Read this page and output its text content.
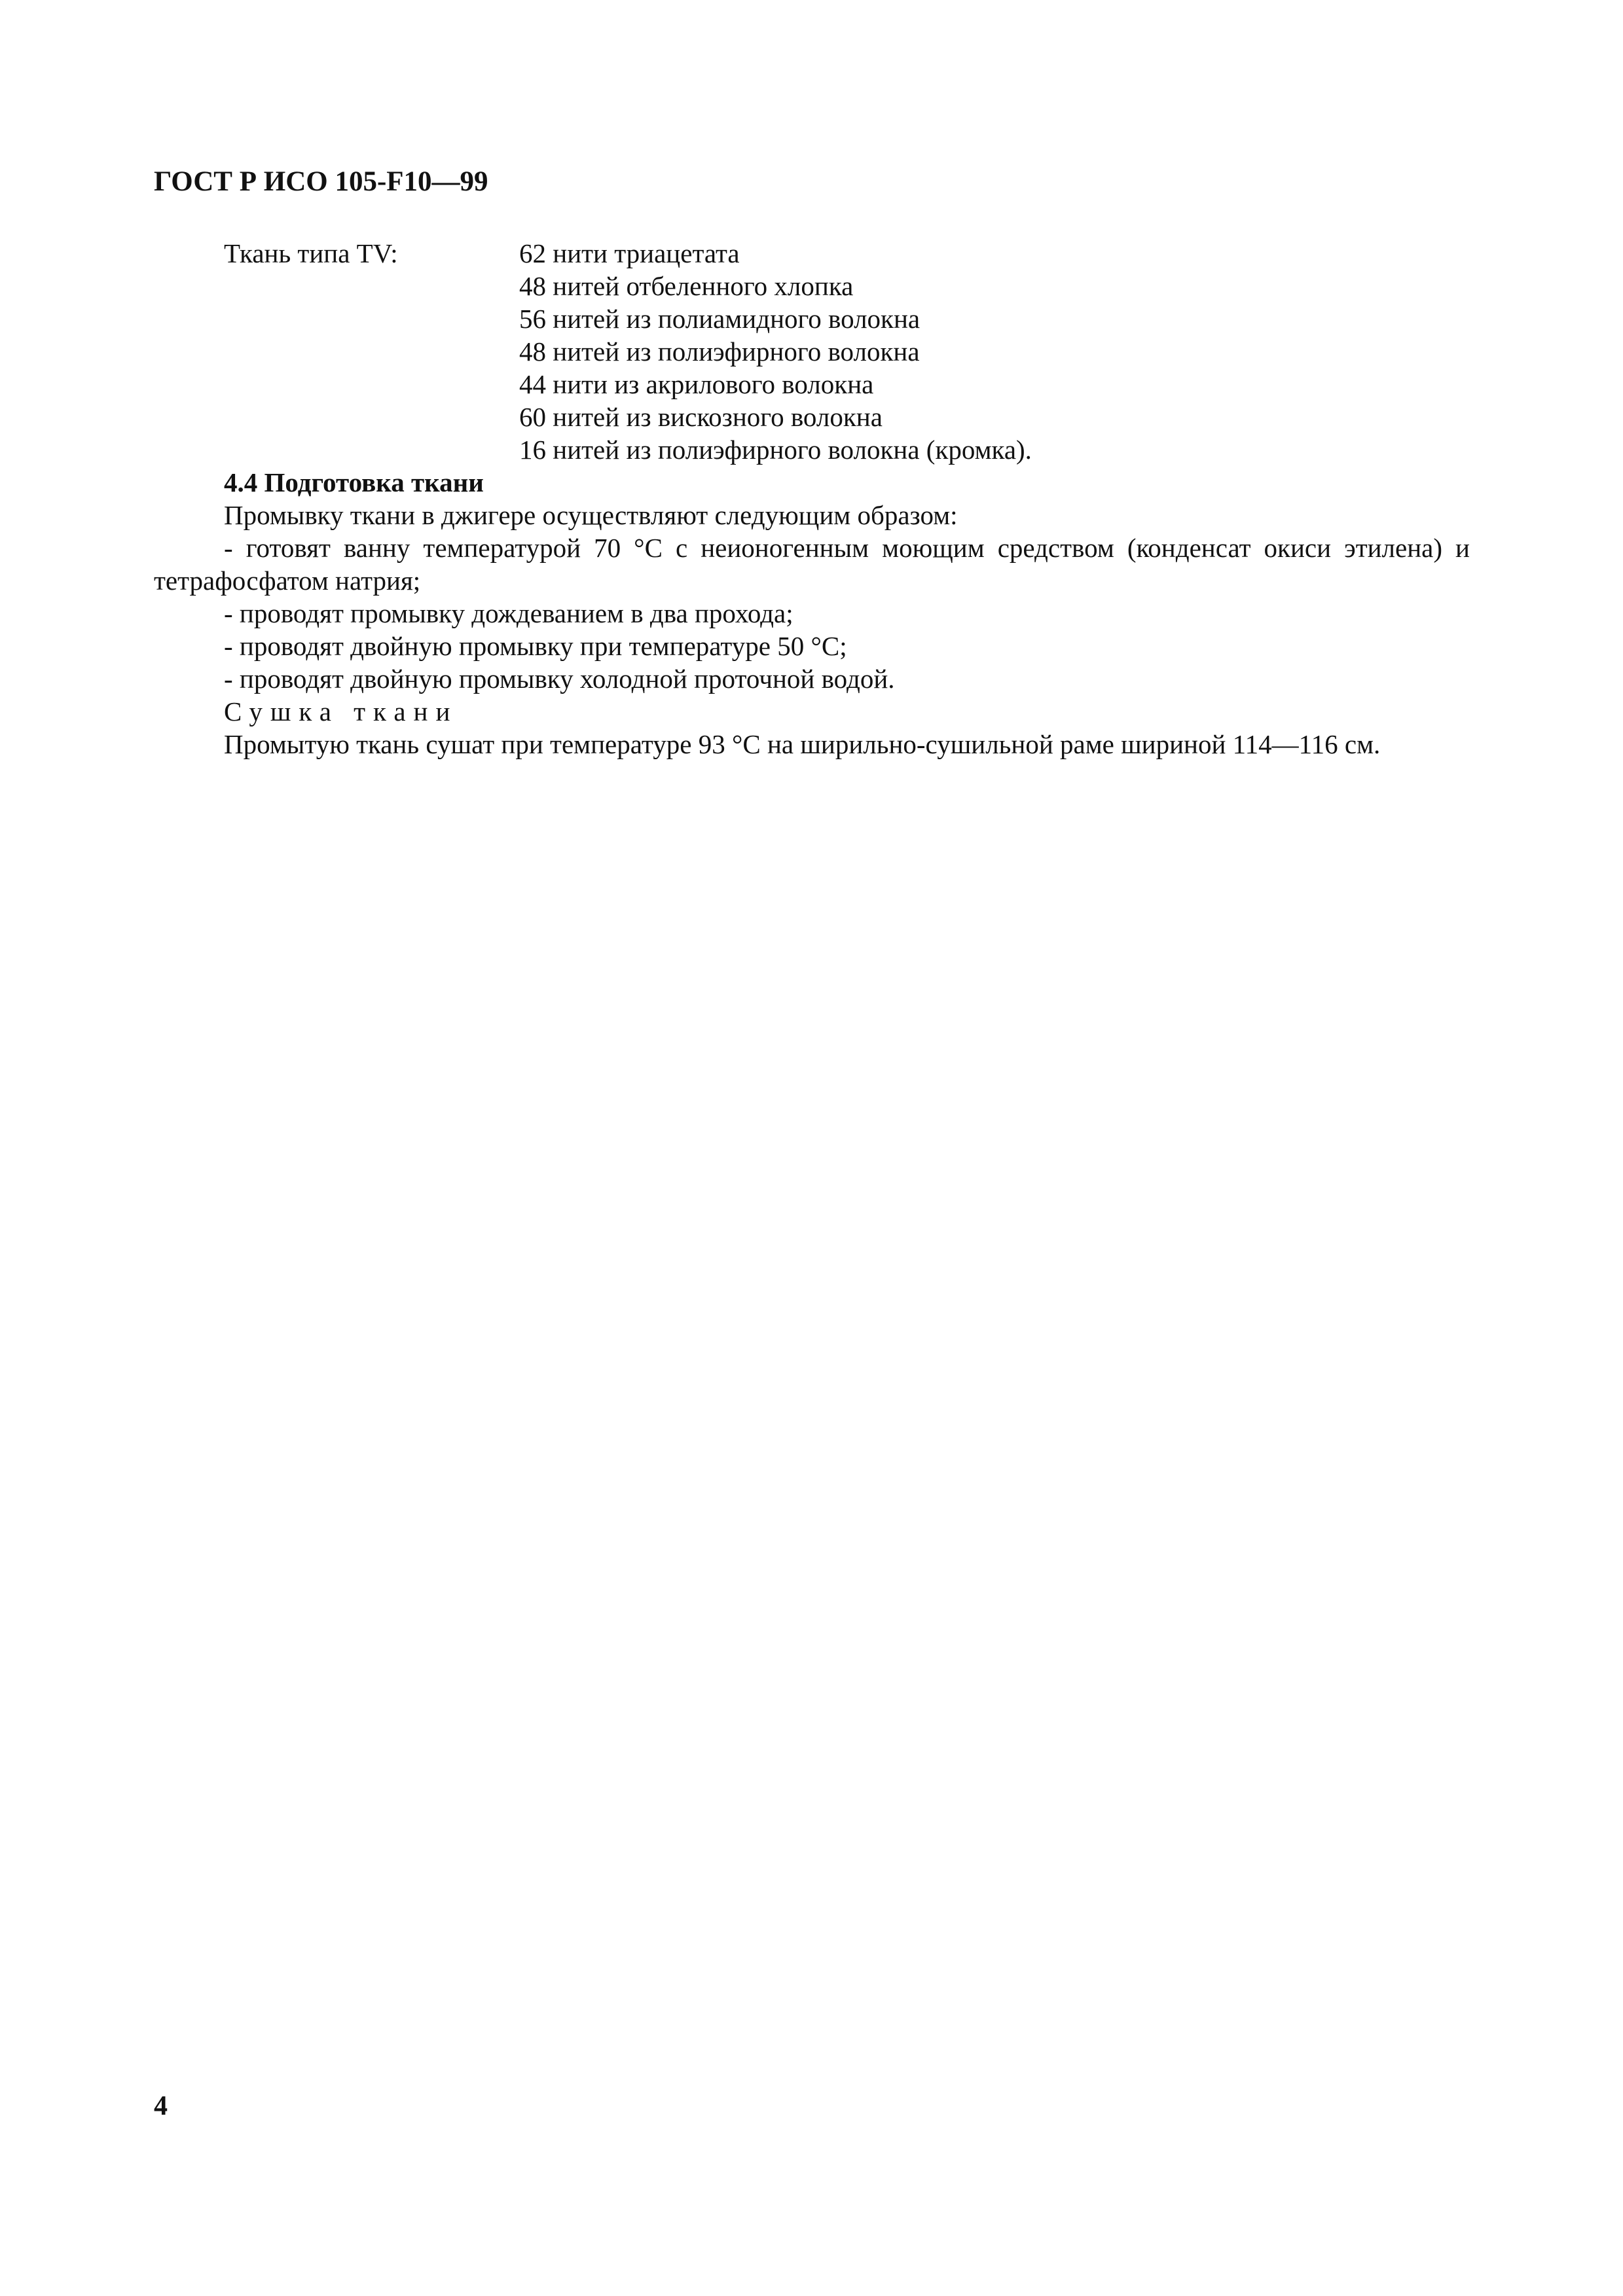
ГОСТ Р ИСО 105-F10—99
Ткань типа TV:	62 нити триацетата
48 нитей отбеленного хлопка
56 нитей из полиамидного волокна
48 нитей из полиэфирного волокна
44 нити из акрилового волокна
60 нитей из вискозного волокна
16 нитей из полиэфирного волокна (кромка).
4.4 Подготовка ткани
Промывку ткани в джигере осуществляют следующим образом:
- готовят ванну температурой 70 °С с неионогенным моющим средством (конденсат окиси этилена) и тетрафосфатом натрия;
- проводят промывку дождеванием в два прохода;
- проводят двойную промывку при температуре 50 °С;
- проводят двойную промывку холодной проточной водой.
Сушка ткани
Промытую ткань сушат при температуре 93 °С на ширильно-сушильной раме шириной 114—116 см.
4
